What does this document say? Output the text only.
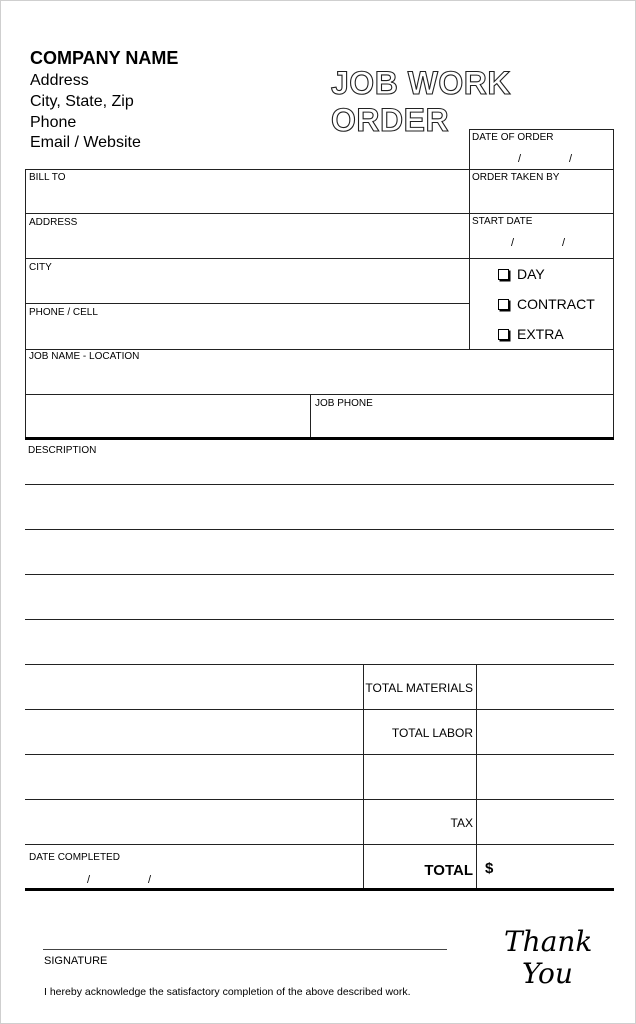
COMPANY NAME
Address
City, State, Zip
Phone
Email / Website
JOB WORK ORDER	DATE OF ORDER
/	/
BILL TO	ORDER TAKEN BY
ADDRESS	START DATE
/	/
CITY
PHONE / CELL
JOB NAME - LOCATION
JOB PHONE
DAY
CONTRACT
EXTRA
DESCRIPTION
TOTAL MATERIALS
TOTAL LABOR
TAX
TOTAL $
DATE COMPLETED
/	/
SIGNATURE
I hereby acknowledge the satisfactory completion of the above described work.
Thank
You
